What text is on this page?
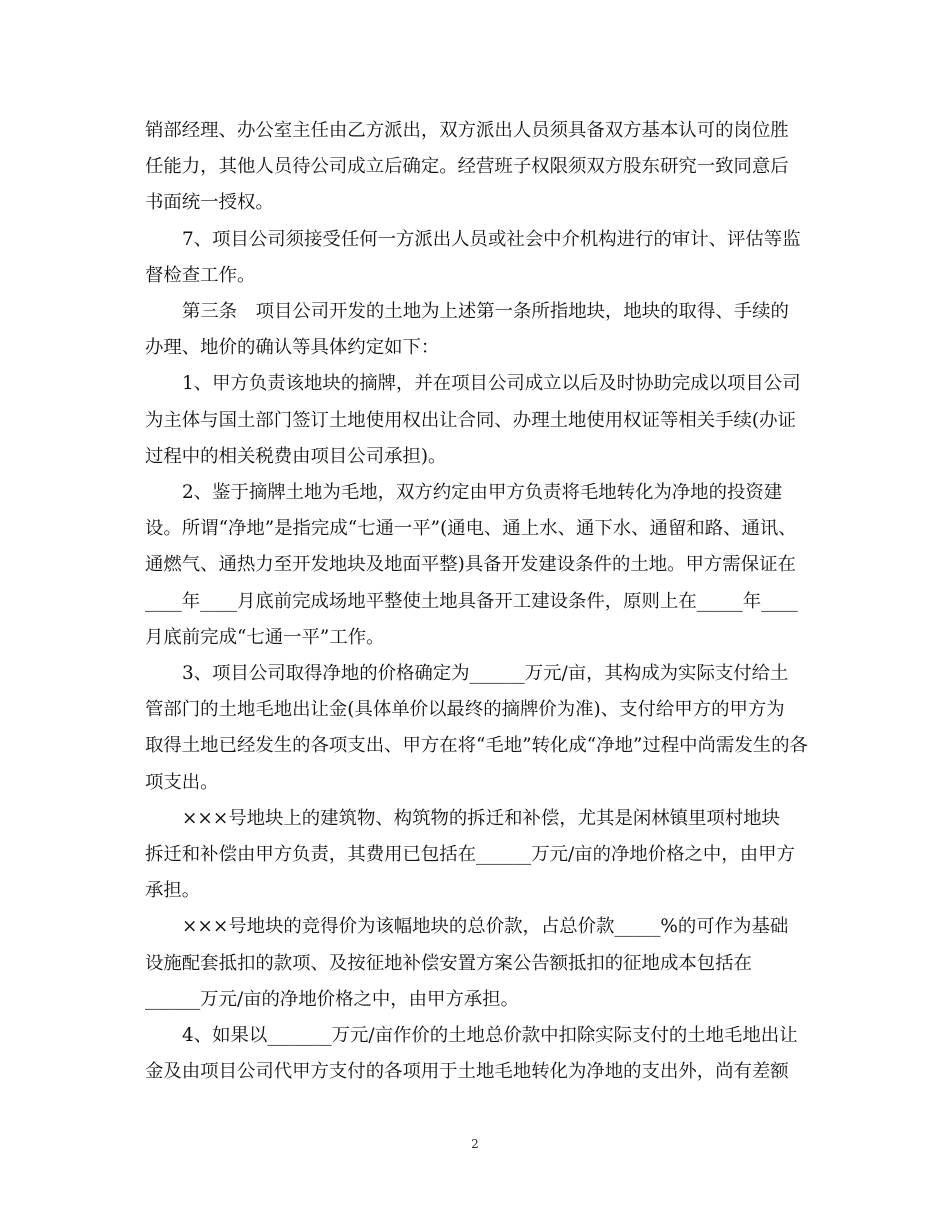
销部经理、办公室主任由乙方派出，双方派出人员须具备双方基本认可的岗位胜
任能力，其他人员待公司成立后确定。经营班子权限须双方股东研究一致同意后
书面统一授权。

7、项目公司须接受任何一方派出人员或社会中介机构进行的审计、评估等监
督检查工作。

第三条　项目公司开发的土地为上述第一条所指地块，地块的取得、手续的
办理、地价的确认等具体约定如下：

1、甲方负责该地块的摘牌，并在项目公司成立以后及时协助完成以项目公司
为主体与国土部门签订土地使用权出让合同、办理土地使用权证等相关手续(办证
过程中的相关税费由项目公司承担)。

2、鉴于摘牌土地为毛地，双方约定由甲方负责将毛地转化为净地的投资建
设。所谓“净地”是指完成“七通一平”(通电、通上水、通下水、通留和路、通讯、
通燃气、通热力至开发地块及地面平整)具备开发建设条件的土地。甲方需保证在
____年____月底前完成场地平整使土地具备开工建设条件，原则上在_____年____
月底前完成“七通一平”工作。

3、项目公司取得净地的价格确定为______万元/亩，其构成为实际支付给土
管部门的土地毛地出让金(具体单价以最终的摘牌价为准)、支付给甲方的甲方为
取得土地已经发生的各项支出、甲方在将“毛地”转化成“净地”过程中尚需发生的各
项支出。

×××号地块上的建筑物、构筑物的拆迁和补偿，尤其是闲林镇里项村地块
拆迁和补偿由甲方负责，其费用已包括在______万元/亩的净地价格之中，由甲方
承担。

×××号地块的竞得价为该幅地块的总价款，占总价款_____%的可作为基础
设施配套抵扣的款项、及按征地补偿安置方案公告额抵扣的征地成本包括在
______万元/亩的净地价格之中，由甲方承担。

4、如果以_______万元/亩作价的土地总价款中扣除实际支付的土地毛地出让
金及由项目公司代甲方支付的各项用于土地毛地转化为净地的支出外，尚有差额

2
